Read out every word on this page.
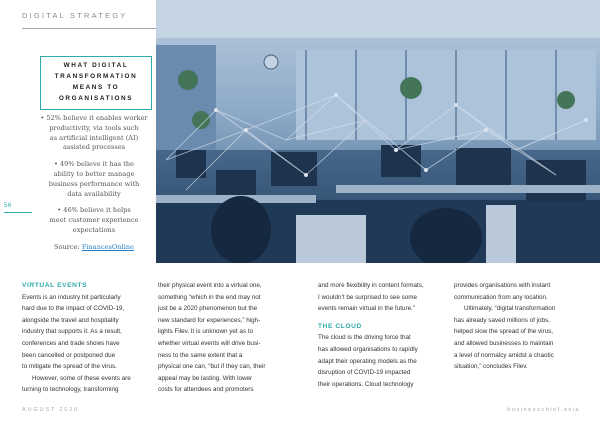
DIGITAL STRATEGY
WHAT DIGITAL
TRANSFORMATION
MEANS TO
ORGANISATIONS
• 52% believe it enables worker
productivity, via tools such
as artificial intelligent (AI)
assisted processes
• 49% believe it has the
ability to better manage
business performance with
data availability
• 46% believe it helps
meet customer experience
expectations
Source: FinancesOnline
56

VIRTUAL EVENTS

Events is an industry hit particularly

hard due to the impact of COVID-19,

alongside the travel and hospitality

industry that supports it. As a result,

conferences and trade shows have

been cancelled or postponed due

to mitigate the spread of the virus.

However, some of these events are

turning to technology, transforming

their physical event into a virtual one,

something “which in the end may not

just be a 2020 phenomenon but the

new standard for experiences,” high-

lights Filev. It is unknown yet as to

whether virtual events will drive busi-

ness to the same extent that a

physical one can, “but if they can, their

appeal may be lasting. With lower

costs for attendees and promoters

and more flexibility in content formats,

I wouldn’t be surprised to see some

events remain virtual in the future.”

THE CLOUD

The cloud is the driving force that

has allowed organisations to rapidly

adapt their operating models as the

disruption of COVID-19 impacted

their operations. Cloud technology

provides organisations with instant

communication from any location.

Ultimately, “digital transformation

has already saved millions of jobs,

helped slow the spread of the virus,

and allowed businesses to maintain

a level of normalcy amidst a chaotic

situation,” concludes Filev.

AUGUST 2020	businesschief.asia
